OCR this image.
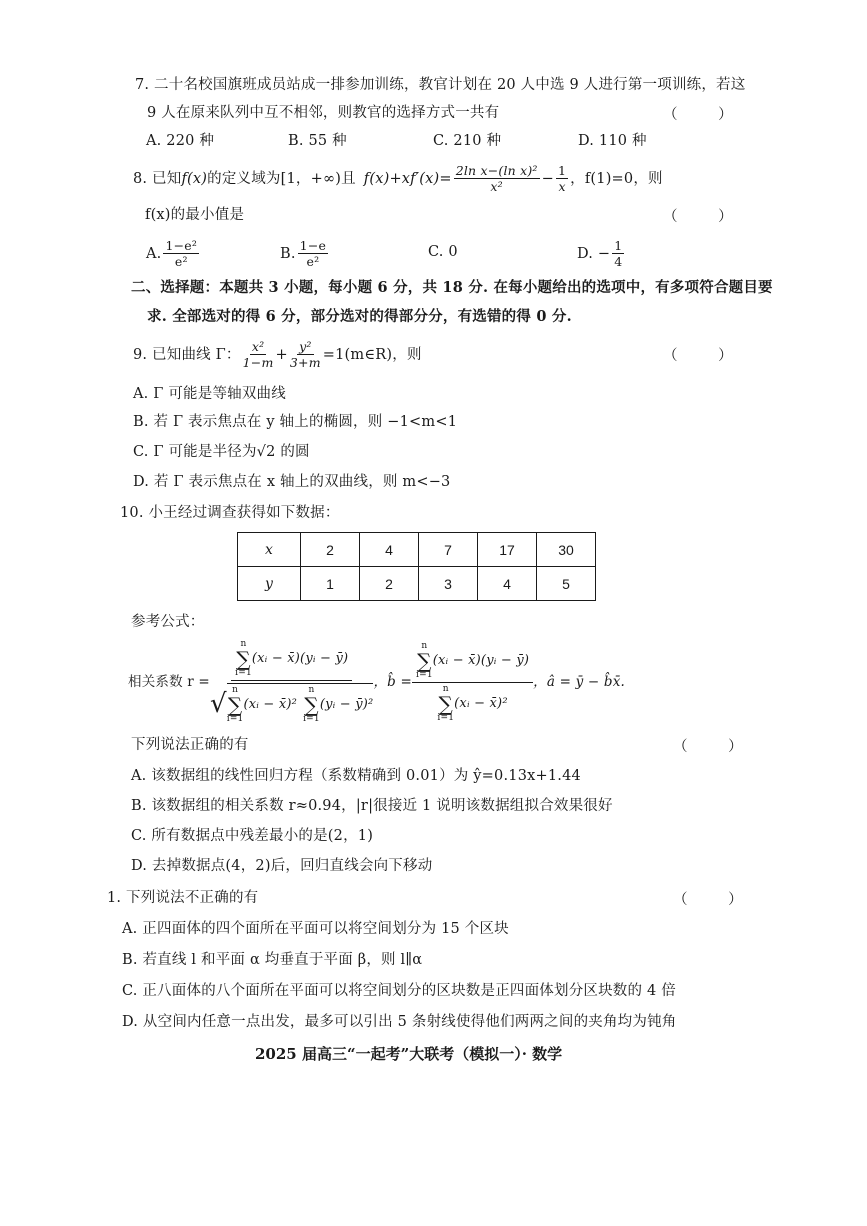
7. 二十名校国旗班成员站成一排参加训练，教官计划在 20 人中选 9 人进行第一项训练，若这
9 人在原来队列中互不相邻，则教官的选择方式一共有	（ ）
A. 220 种	B. 55 种	C. 210 种	D. 110 种
8. 已知 f(x) 的定义域为[1，+∞)且 $f(x)+xf'(x)= \frac{\text{2ln x−(ln x)²}}{\text{x²}} - \frac{1}{x}$ ，f(1)=0，则
f(x)的最小值是	（ ）
A. $\frac{\text{1−e²}}{\text{e²}}$	B. $\frac{1-e}{\text{e²}}$	C. 0	D. − $\frac{1}{4}$
二、选择题：本题共 3 小题，每小题 6 分，共 18 分. 在每小题给出的选项中，有多项符合题目要
求. 全部选对的得 6 分，部分选对的得部分分，有选错的得 0 分.
9. 已知曲线 Γ： $\frac{\text{x²}}{1-m} + \frac{\text{y²}}{3+m}$ =1(m∈R)，则	（ ）
A. Γ 可能是等轴双曲线
B. 若 Γ 表示焦点在 y 轴上的椭圆，则 −1<m<1
C. Γ 可能是半径为√2 的圆
D. 若 Γ 表示焦点在 x 轴上的双曲线，则 m<−3
10. 小王经过调查获得如下数据：
x	2	4	7	17	30
y	1	2	3	4	5
参考公式：
相关系数 r =
n
∑
i=1
(xᵢ − x̄)(yᵢ − ȳ)
√ n
∑
i=1
(xᵢ − x̄)²
n
∑
i=1
(yᵢ − ȳ)²
，b̂ = n
∑
i=1
(xᵢ − x̄)(yᵢ − ȳ)
n
∑
i=1
(xᵢ − x̄)² ，â = ȳ − b̂x̄.
下列说法正确的有	（ ）
A. 该数据组的线性回归方程（系数精确到 0.01）为 ŷ=0.13x+1.44
B. 该数据组的相关系数 r≈0.94，|r|很接近 1 说明该数据组拟合效果很好
C. 所有数据点中残差最小的是(2，1)
D. 去掉数据点(4，2)后，回归直线会向下移动
1. 下列说法不正确的有	（ ）
A. 正四面体的四个面所在平面可以将空间划分为 15 个区块
B. 若直线 l 和平面 α 均垂直于平面 β，则 l∥α
C. 正八面体的八个面所在平面可以将空间划分的区块数是正四面体划分区块数的 4 倍
D. 从空间内任意一点出发，最多可以引出 5 条射线使得他们两两之间的夹角均为钝角
2025 届高三“一起考”大联考（模拟一）· 数学
